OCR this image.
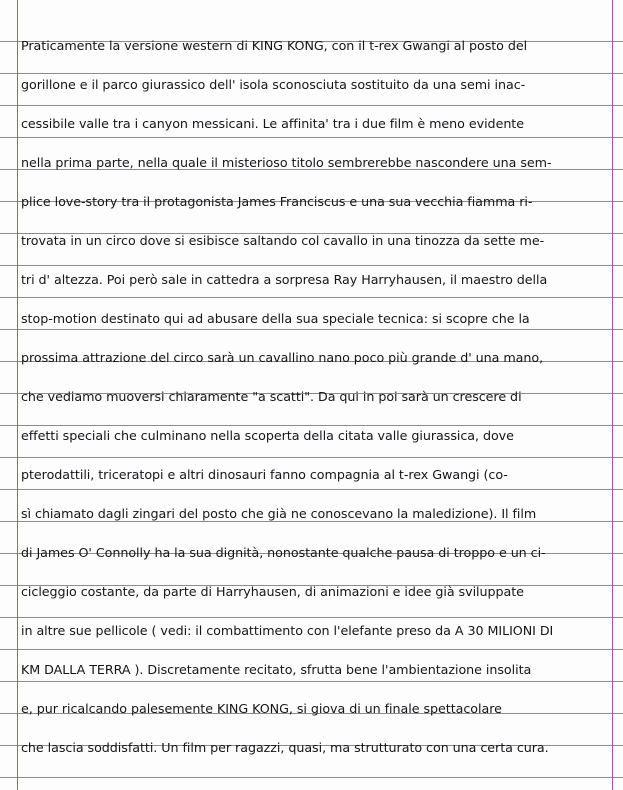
Praticamente la versione western di KING KONG, con il t-rex Gwangi al posto del
gorillone e il parco giurassico dell' isola sconosciuta sostituito da una semi inac-
cessibile valle tra i canyon messicani. Le affinita' tra i due film è meno evidente
nella prima parte, nella quale il misterioso titolo sembrerebbe nascondere una sem-
plice love-story tra il protagonista James Franciscus e una sua vecchia fiamma ri-
trovata in un circo dove si esibisce saltando col cavallo in una tinozza da sette me-
tri d' altezza. Poi però sale in cattedra a sorpresa Ray Harryhausen, il maestro della
stop-motion destinato qui ad abusare della sua speciale tecnica: si scopre che la
prossima attrazione del circo sarà un cavallino nano poco più grande d' una mano,
che vediamo muoversi chiaramente "a scatti". Da qui in poi sarà un crescere di
effetti speciali che culminano nella scoperta della citata valle giurassica, dove
pterodattili, triceratopi e altri dinosauri fanno compagnia al t-rex Gwangi (co-
sì chiamato dagli zingari del posto che già ne conoscevano la maledizione). Il film
di James O' Connolly ha la sua dignità, nonostante qualche pausa di troppo e un ci-
cicleggio costante, da parte di Harryhausen, di animazioni e idee già sviluppate
in altre sue pellicole ( vedi: il combattimento con l'elefante preso da A 30 MILIONI DI
KM DALLA TERRA ). Discretamente recitato, sfrutta bene l'ambientazione insolita
e, pur ricalcando palesemente KING KONG, si giova di un finale spettacolare
che lascia soddisfatti. Un film per ragazzi, quasi, ma strutturato con una certa cura.
